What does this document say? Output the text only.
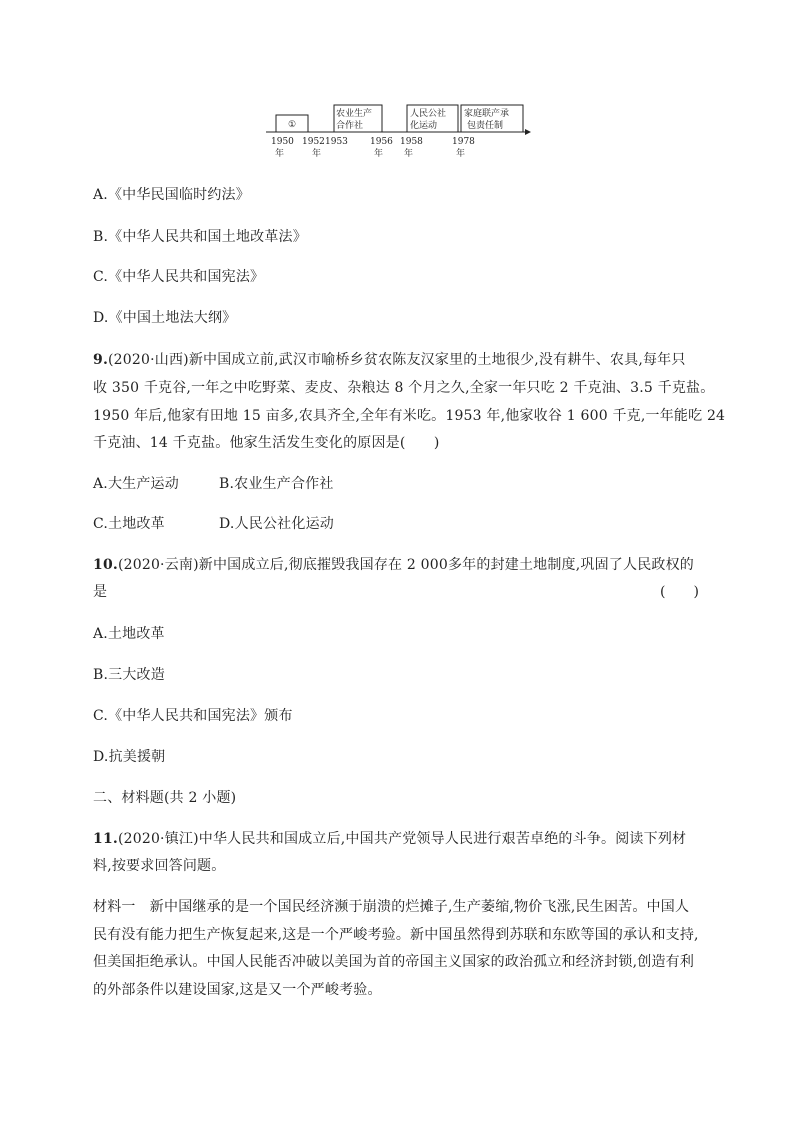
①
农业生产
合作社
人民公社
化运动
家庭联产承
包责任制
1950
年
1952
年
1953 1956
年
1958
年
1978
年
A.《中华民国临时约法》
B.《中华人民共和国土地改革法》
C.《中华人民共和国宪法》
D.《中国土地法大纲》
9.(2020·山西)新中国成立前,武汉市喻桥乡贫农陈友汉家里的土地很少,没有耕牛、农具,每年只
收 350 千克谷,一年之中吃野菜、麦皮、杂粮达 8 个月之久,全家一年只吃 2 千克油、3.5 千克盐。
1950 年后,他家有田地 15 亩多,农具齐全,全年有米吃。1953 年,他家收谷 1 600 千克,一年能吃 24
千克油、14 千克盐。他家生活发生变化的原因是(　　)
A.大生产运动	B.农业生产合作社
C.土地改革	D.人民公社化运动
10.(2020·云南)新中国成立后,彻底摧毁我国存在 2 000多年的封建土地制度,巩固了人民政权的
是	(　　)
A.土地改革
B.三大改造
C.《中华人民共和国宪法》颁布
D.抗美援朝
二、材料题(共 2 小题)
11.(2020·镇江)中华人民共和国成立后,中国共产党领导人民进行艰苦卓绝的斗争。阅读下列材
料,按要求回答问题。
材料一　新中国继承的是一个国民经济濒于崩溃的烂摊子,生产萎缩,物价飞涨,民生困苦。中国人
民有没有能力把生产恢复起来,这是一个严峻考验。新中国虽然得到苏联和东欧等国的承认和支持,
但美国拒绝承认。中国人民能否冲破以美国为首的帝国主义国家的政治孤立和经济封锁,创造有利
的外部条件以建设国家,这是又一个严峻考验。
